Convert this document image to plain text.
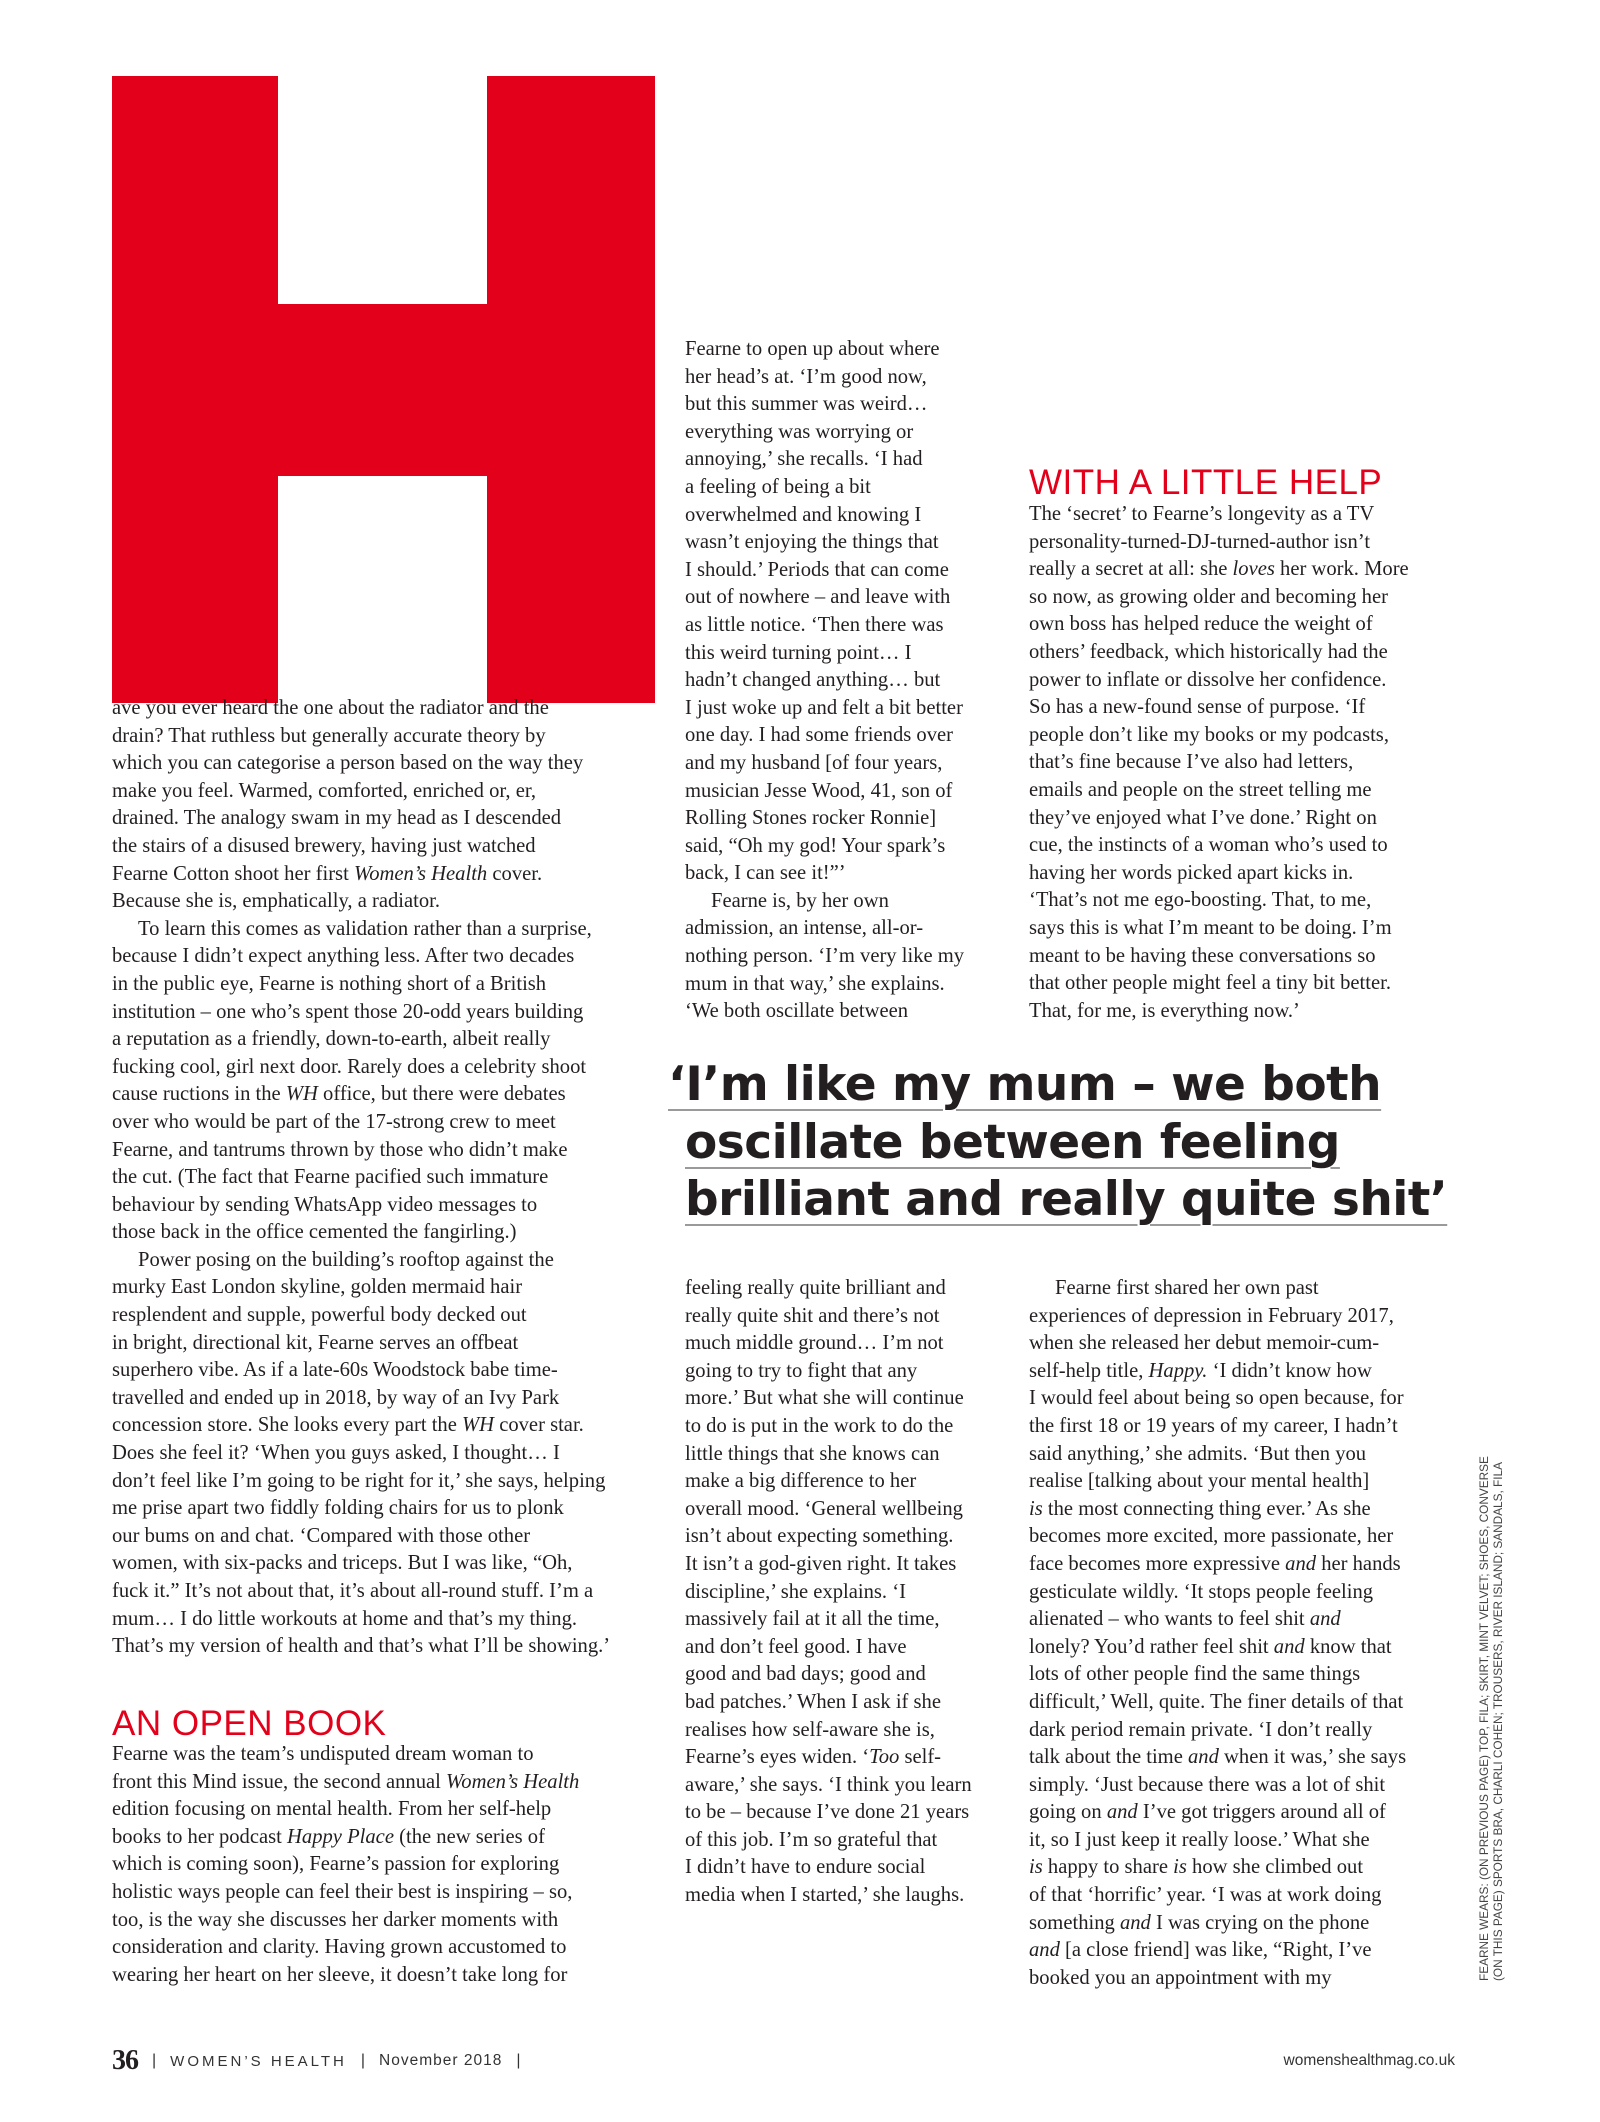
ave you ever heard the one about the radiator and the
drain? That ruthless but generally accurate theory by
which you can categorise a person based on the way they
make you feel. Warmed, comforted, enriched or, er,
drained. The analogy swam in my head as I descended
the stairs of a disused brewery, having just watched
Fearne Cotton shoot her first Women’s Health cover.
Because she is, emphatically, a radiator.
To learn this comes as validation rather than a surprise,
because I didn’t expect anything less. After two decades
in the public eye, Fearne is nothing short of a British
institution – one who’s spent those 20-odd years building
a reputation as a friendly, down-to-earth, albeit really
fucking cool, girl next door. Rarely does a celebrity shoot
cause ructions in the WH office, but there were debates
over who would be part of the 17-strong crew to meet
Fearne, and tantrums thrown by those who didn’t make
the cut. (The fact that Fearne pacified such immature
behaviour by sending WhatsApp video messages to
those back in the office cemented the fangirling.)
Power posing on the building’s rooftop against the
murky East London skyline, golden mermaid hair
resplendent and supple, powerful body decked out
in bright, directional kit, Fearne serves an offbeat
superhero vibe. As if a late-60s Woodstock babe time-
travelled and ended up in 2018, by way of an Ivy Park
concession store. She looks every part the WH cover star.
Does she feel it? ‘When you guys asked, I thought… I
don’t feel like I’m going to be right for it,’ she says, helping
me prise apart two fiddly folding chairs for us to plonk
our bums on and chat. ‘Compared with those other
women, with six-packs and triceps. But I was like, “Oh,
fuck it.” It’s not about that, it’s about all-round stuff. I’m a
mum… I do little workouts at home and that’s my thing.
That’s my version of health and that’s what I’ll be showing.’
AN OPEN BOOK
Fearne was the team’s undisputed dream woman to
front this Mind issue, the second annual Women’s Health
edition focusing on mental health. From her self-help
books to her podcast Happy Place (the new series of
which is coming soon), Fearne’s passion for exploring
holistic ways people can feel their best is inspiring – so,
too, is the way she discusses her darker moments with
consideration and clarity. Having grown accustomed to
wearing her heart on her sleeve, it doesn’t take long for
Fearne to open up about where
her head’s at. ‘I’m good now,
but this summer was weird…
everything was worrying or
annoying,’ she recalls. ‘I had
a feeling of being a bit
overwhelmed and knowing I
wasn’t enjoying the things that
I should.’ Periods that can come
out of nowhere – and leave with
as little notice. ‘Then there was
this weird turning point… I
hadn’t changed anything… but
I just woke up and felt a bit better
one day. I had some friends over
and my husband [of four years,
musician Jesse Wood, 41, son of
Rolling Stones rocker Ronnie]
said, “Oh my god! Your spark’s
back, I can see it!”’
Fearne is, by her own
admission, an intense, all-or-
nothing person. ‘I’m very like my
mum in that way,’ she explains.
‘We both oscillate between
WITH A LITTLE HELP
The ‘secret’ to Fearne’s longevity as a TV
personality-turned-DJ-turned-author isn’t
really a secret at all: she loves her work. More
so now, as growing older and becoming her
own boss has helped reduce the weight of
others’ feedback, which historically had the
power to inflate or dissolve her confidence.
So has a new-found sense of purpose. ‘If
people don’t like my books or my podcasts,
that’s fine because I’ve also had letters,
emails and people on the street telling me
they’ve enjoyed what I’ve done.’ Right on
cue, the instincts of a woman who’s used to
having her words picked apart kicks in.
‘That’s not me ego-boosting. That, to me,
says this is what I’m meant to be doing. I’m
meant to be having these conversations so
that other people might feel a tiny bit better.
That, for me, is everything now.’
‘I’m like my mum – we both
oscillate between feeling
brilliant and really quite shit’
feeling really quite brilliant and
really quite shit and there’s not
much middle ground… I’m not
going to try to fight that any
more.’ But what she will continue
to do is put in the work to do the
little things that she knows can
make a big difference to her
overall mood. ‘General wellbeing
isn’t about expecting something.
It isn’t a god-given right. It takes
discipline,’ she explains. ‘I
massively fail at it all the time,
and don’t feel good. I have
good and bad days; good and
bad patches.’ When I ask if she
realises how self-aware she is,
Fearne’s eyes widen. ‘Too self-
aware,’ she says. ‘I think you learn
to be – because I’ve done 21 years
of this job. I’m so grateful that
I didn’t have to endure social
media when I started,’ she laughs.
Fearne first shared her own past
experiences of depression in February 2017,
when she released her debut memoir-cum-
self-help title, Happy. ‘I didn’t know how
I would feel about being so open because, for
the first 18 or 19 years of my career, I hadn’t
said anything,’ she admits. ‘But then you
realise [talking about your mental health]
is the most connecting thing ever.’ As she
becomes more excited, more passionate, her
face becomes more expressive and her hands
gesticulate wildly. ‘It stops people feeling
alienated – who wants to feel shit and
lonely? You’d rather feel shit and know that
lots of other people find the same things
difficult,’ Well, quite. The finer details of that
dark period remain private. ‘I don’t really
talk about the time and when it was,’ she says
simply. ‘Just because there was a lot of shit
going on and I’ve got triggers around all of
it, so I just keep it really loose.’ What she
is happy to share is how she climbed out
of that ‘horrific’ year. ‘I was at work doing
something and I was crying on the phone
and [a close friend] was like, “Right, I’ve
booked you an appointment with my	FEARNE WEARS: (ON PREVIOUS PAGE) TOP, FILA; SKIRT, MINT VELVET; SHOES, CONVERSE (ON THIS PAGE) SPORTS BRA, CHARLI COHEN; TROUSERS, RIVER ISLAND; SANDALS, FILA
36 | WOMEN’S HEALTH | November 2018 |	womenshealthmag.co.uk
